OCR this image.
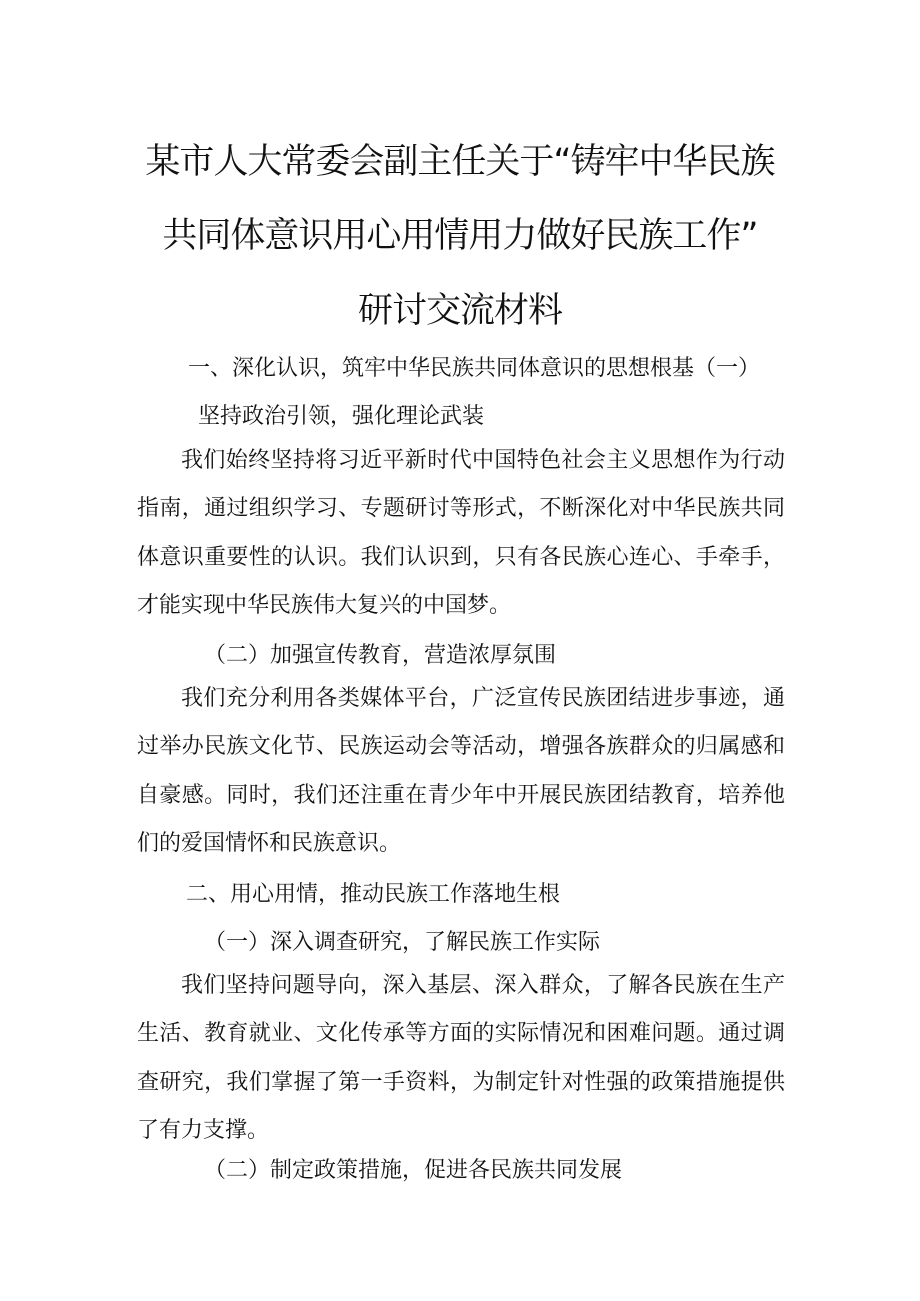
某市人大常委会副主任关于“铸牢中华民族
共同体意识用心用情用力做好民族工作”
研讨交流材料
一、深化认识，筑牢中华民族共同体意识的思想根基（一）
坚持政治引领，强化理论武装
我们始终坚持将习近平新时代中国特色社会主义思想作为行动指南，通过组织学习、专题研讨等形式，不断深化对中华民族共同体意识重要性的认识。我们认识到，只有各民族心连心、手牵手，才能实现中华民族伟大复兴的中国梦。
（二）加强宣传教育，营造浓厚氛围
我们充分利用各类媒体平台，广泛宣传民族团结进步事迹，通过举办民族文化节、民族运动会等活动，增强各族群众的归属感和自豪感。同时，我们还注重在青少年中开展民族团结教育，培养他们的爱国情怀和民族意识。
二、用心用情，推动民族工作落地生根
（一）深入调查研究，了解民族工作实际
我们坚持问题导向，深入基层、深入群众，了解各民族在生产生活、教育就业、文化传承等方面的实际情况和困难问题。通过调查研究，我们掌握了第一手资料，为制定针对性强的政策措施提供了有力支撑。
（二）制定政策措施，促进各民族共同发展
